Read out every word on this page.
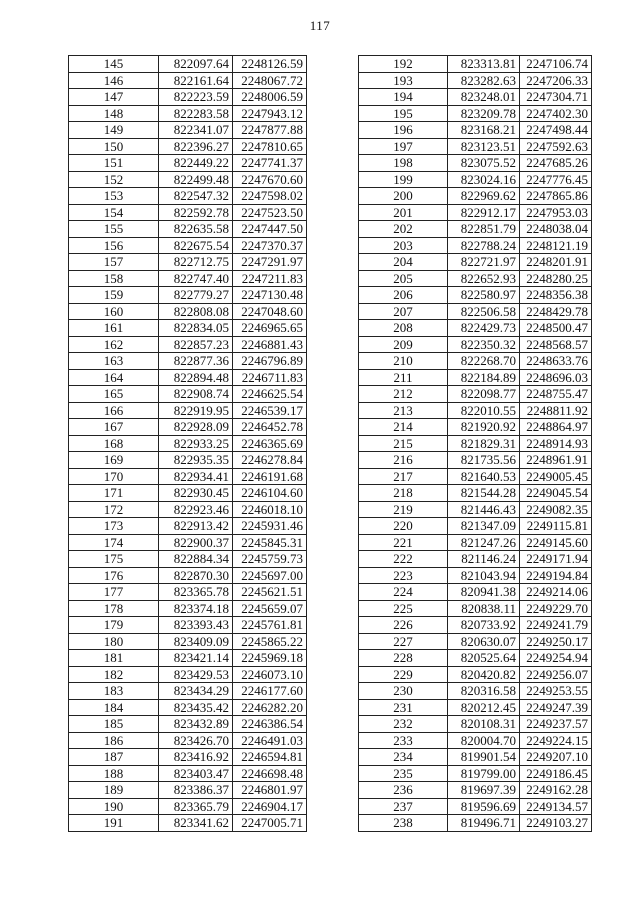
117
145	822097.64	2248126.59
146	822161.64	2248067.72
147	822223.59	2248006.59
148	822283.58	2247943.12
149	822341.07	2247877.88
150	822396.27	2247810.65
151	822449.22	2247741.37
152	822499.48	2247670.60
153	822547.32	2247598.02
154	822592.78	2247523.50
155	822635.58	2247447.50
156	822675.54	2247370.37
157	822712.75	2247291.97
158	822747.40	2247211.83
159	822779.27	2247130.48
160	822808.08	2247048.60
161	822834.05	2246965.65
162	822857.23	2246881.43
163	822877.36	2246796.89
164	822894.48	2246711.83
165	822908.74	2246625.54
166	822919.95	2246539.17
167	822928.09	2246452.78
168	822933.25	2246365.69
169	822935.35	2246278.84
170	822934.41	2246191.68
171	822930.45	2246104.60
172	822923.46	2246018.10
173	822913.42	2245931.46
174	822900.37	2245845.31
175	822884.34	2245759.73
176	822870.30	2245697.00
177	823365.78	2245621.51
178	823374.18	2245659.07
179	823393.43	2245761.81
180	823409.09	2245865.22
181	823421.14	2245969.18
182	823429.53	2246073.10
183	823434.29	2246177.60
184	823435.42	2246282.20
185	823432.89	2246386.54
186	823426.70	2246491.03
187	823416.92	2246594.81
188	823403.47	2246698.48
189	823386.37	2246801.97
190	823365.79	2246904.17
191	823341.62	2247005.71
192	823313.81	2247106.74
193	823282.63	2247206.33
194	823248.01	2247304.71
195	823209.78	2247402.30
196	823168.21	2247498.44
197	823123.51	2247592.63
198	823075.52	2247685.26
199	823024.16	2247776.45
200	822969.62	2247865.86
201	822912.17	2247953.03
202	822851.79	2248038.04
203	822788.24	2248121.19
204	822721.97	2248201.91
205	822652.93	2248280.25
206	822580.97	2248356.38
207	822506.58	2248429.78
208	822429.73	2248500.47
209	822350.32	2248568.57
210	822268.70	2248633.76
211	822184.89	2248696.03
212	822098.77	2248755.47
213	822010.55	2248811.92
214	821920.92	2248864.97
215	821829.31	2248914.93
216	821735.56	2248961.91
217	821640.53	2249005.45
218	821544.28	2249045.54
219	821446.43	2249082.35
220	821347.09	2249115.81
221	821247.26	2249145.60
222	821146.24	2249171.94
223	821043.94	2249194.84
224	820941.38	2249214.06
225	820838.11	2249229.70
226	820733.92	2249241.79
227	820630.07	2249250.17
228	820525.64	2249254.94
229	820420.82	2249256.07
230	820316.58	2249253.55
231	820212.45	2249247.39
232	820108.31	2249237.57
233	820004.70	2249224.15
234	819901.54	2249207.10
235	819799.00	2249186.45
236	819697.39	2249162.28
237	819596.69	2249134.57
238	819496.71	2249103.27
